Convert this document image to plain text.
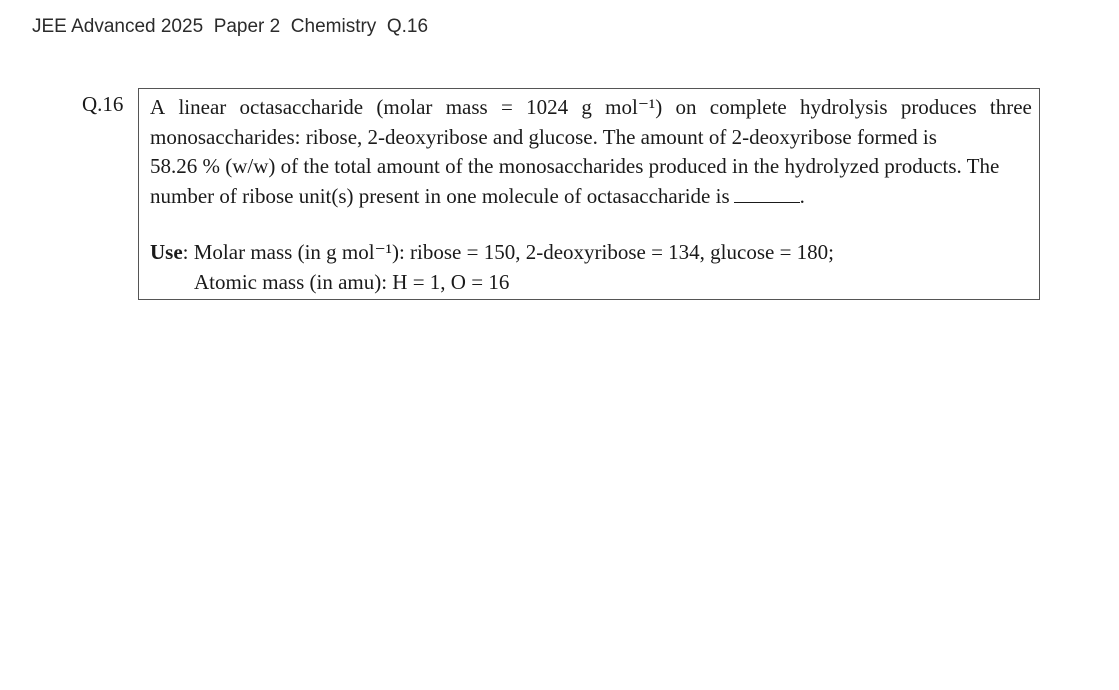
JEE Advanced 2025  Paper 2  Chemistry  Q.16
Q.16 A linear octasaccharide (molar mass = 1024 g mol⁻¹) on complete hydrolysis produces three
monosaccharides: ribose, 2-deoxyribose and glucose. The amount of 2-deoxyribose formed is
58.26 % (w/w) of the total amount of the monosaccharides produced in the hydrolyzed products. The
number of ribose unit(s) present in one molecule of octasaccharide is	.
Use: Molar mass (in g mol⁻¹): ribose = 150, 2-deoxyribose = 134, glucose = 180;
Atomic mass (in amu): H = 1, O = 16
